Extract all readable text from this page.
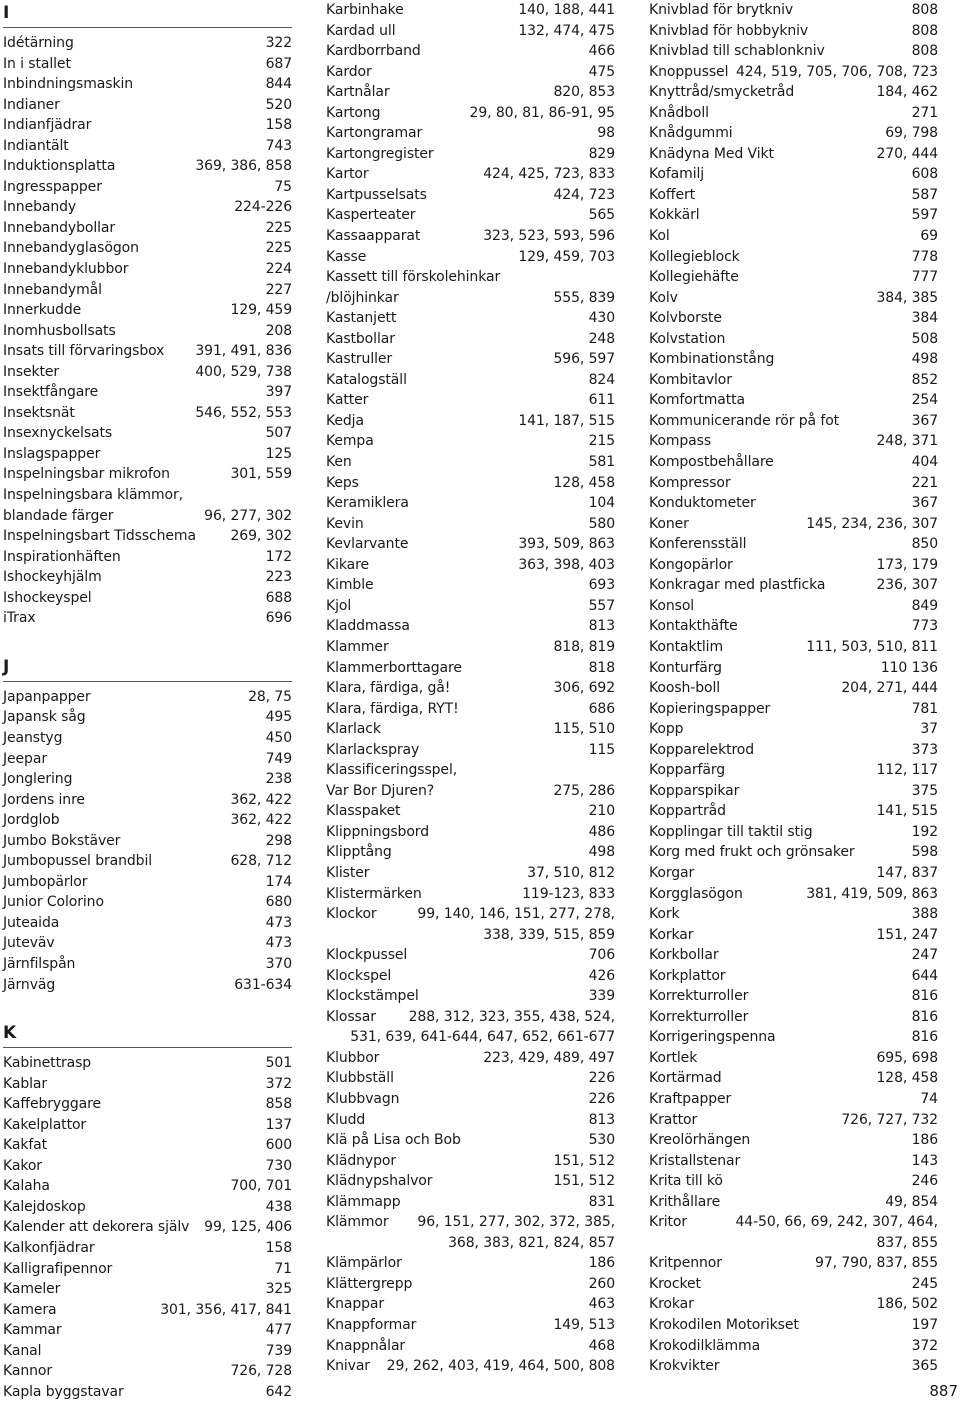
I
Idétärning	322
In i stallet	687
Inbindningsmaskin	844
Indianer	520
Indianfjädrar	158
Indiantält	743
Induktionsplatta	369, 386, 858
Ingresspapper	75
Innebandy	224-226
Innebandybollar	225
Innebandyglasögon	225
Innebandyklubbor	224
Innebandymål	227
Innerkudde	129, 459
Inomhusbollsats	208
Insats till förvaringsbox 391, 491, 836
Insekter	400, 529, 738
Insektfångare	397
Insektsnät	546, 552, 553
Insexnyckelsats	507
Inslagspapper	125
Inspelningsbar mikrofon	301, 559
Inspelningsbara klämmor,
blandade färger	96, 277, 302
Inspelningsbart Tidsschema 269, 302
Inspirationhäften	172
Ishockeyhjälm	223
Ishockeyspel	688
iTrax	696
J
Japanpapper	28, 75
Japansk såg	495
Jeanstyg	450
Jeepar	749
Jonglering	238
Jordens inre	362, 422
Jordglob	362, 422
Jumbo Bokstäver	298
Jumbopussel brandbil	628, 712
Jumbopärlor	174
Junior Colorino	680
Juteaida	473
Juteväv	473
Järnfilspån	370
Järnväg	631-634
K
Kabinettrasp	501
Kablar	372
Kaffebryggare	858
Kakelplattor	137
Kakfat	600
Kakor	730
Kalaha	700, 701
Kalejdoskop	438
Kalender att dekorera själv 99, 125, 406
Kalkonfjädrar	158
Kalligrafipennor	71
Kameler	325
Kamera	301, 356, 417, 841
Kammar	477
Kanal	739
Kannor	726, 728
Kapla byggstavar	642
Karbinhake	140, 188, 441
Kardad ull	132, 474, 475
Kardborrband	466
Kardor	475
Kartnålar	820, 853
Kartong	29, 80, 81, 86-91, 95
Kartongramar	98
Kartongregister	829
Kartor	424, 425, 723, 833
Kartpusselsats	424, 723
Kasperteater	565
Kassaapparat	323, 523, 593, 596
Kasse	129, 459, 703
Kassett till förskolehinkar
/blöjhinkar	555, 839
Kastanjett	430
Kastbollar	248
Kastruller	596, 597
Katalogställ	824
Katter	611
Kedja	141, 187, 515
Kempa	215
Ken	581
Keps	128, 458
Keramiklera	104
Kevin	580
Kevlarvante	393, 509, 863
Kikare	363, 398, 403
Kimble	693
Kjol	557
Kladdmassa	813
Klammer	818, 819
Klammerborttagare	818
Klara, färdiga, gå!	306, 692
Klara, färdiga, RYT!	686
Klarlack	115, 510
Klarlackspray	115
Klassificeringsspel,
Var Bor Djuren?	275, 286
Klasspaket	210
Klippningsbord	486
Klipptång	498
Klister	37, 510, 812
Klistermärken	119-123, 833
Klockor	99, 140, 146, 151, 277, 278,
338, 339, 515, 859
Klockpussel	706
Klockspel	426
Klockstämpel	339
Klossar 288, 312, 323, 355, 438, 524,
531, 639, 641-644, 647, 652, 661-677
Klubbor	223, 429, 489, 497
Klubbställ	226
Klubbvagn	226
Kludd	813
Klä på Lisa och Bob	530
Klädnypor	151, 512
Klädnypshalvor	151, 512
Klämmapp	831
Klämmor 96, 151, 277, 302, 372, 385,
368, 383, 821, 824, 857
Klämpärlor	186
Klättergrepp	260
Knappar	463
Knappformar	149, 513
Knappnålar	468
Knivar 29, 262, 403, 419, 464, 500, 808
Knivblad för brytkniv	808
Knivblad för hobbykniv	808
Knivblad till schablonkniv	808
Knoppussel 424, 519, 705, 706, 708, 723
Knyttråd/smycketråd	184, 462
Knådboll	271
Knådgummi	69, 798
Knädyna Med Vikt	270, 444
Kofamilj	608
Koffert	587
Kokkärl	597
Kol	69
Kollegieblock	778
Kollegiehäfte	777
Kolv	384, 385
Kolvborste	384
Kolvstation	508
Kombinationstång	498
Kombitavlor	852
Komfortmatta	254
Kommunicerande rör på fot	367
Kompass	248, 371
Kompostbehållare	404
Kompressor	221
Konduktometer	367
Koner	145, 234, 236, 307
Konferensställ	850
Kongopärlor	173, 179
Konkragar med plastficka	236, 307
Konsol	849
Kontakthäfte	773
Kontaktlim	111, 503, 510, 811
Konturfärg	110 136
Koosh-boll	204, 271, 444
Kopieringspapper	781
Kopp	37
Kopparelektrod	373
Kopparfärg	112, 117
Kopparspikar	375
Koppartråd	141, 515
Kopplingar till taktil stig	192
Korg med frukt och grönsaker	598
Korgar	147, 837
Korgglasögon	381, 419, 509, 863
Kork	388
Korkar	151, 247
Korkbollar	247
Korkplattor	644
Korrekturroller	816
Korrekturroller	816
Korrigeringspenna	816
Kortlek	695, 698
Kortärmad	128, 458
Kraftpapper	74
Krattor	726, 727, 732
Kreolörhängen	186
Kristallstenar	143
Krita till kö	246
Krithållare	49, 854
Kritor	44-50, 66, 69, 242, 307, 464,
837, 855
Kritpennor	97, 790, 837, 855
Krocket	245
Krokar	186, 502
Krokodilen Motorikset	197
Krokodilklämma	372
Krokvikter	365
887
